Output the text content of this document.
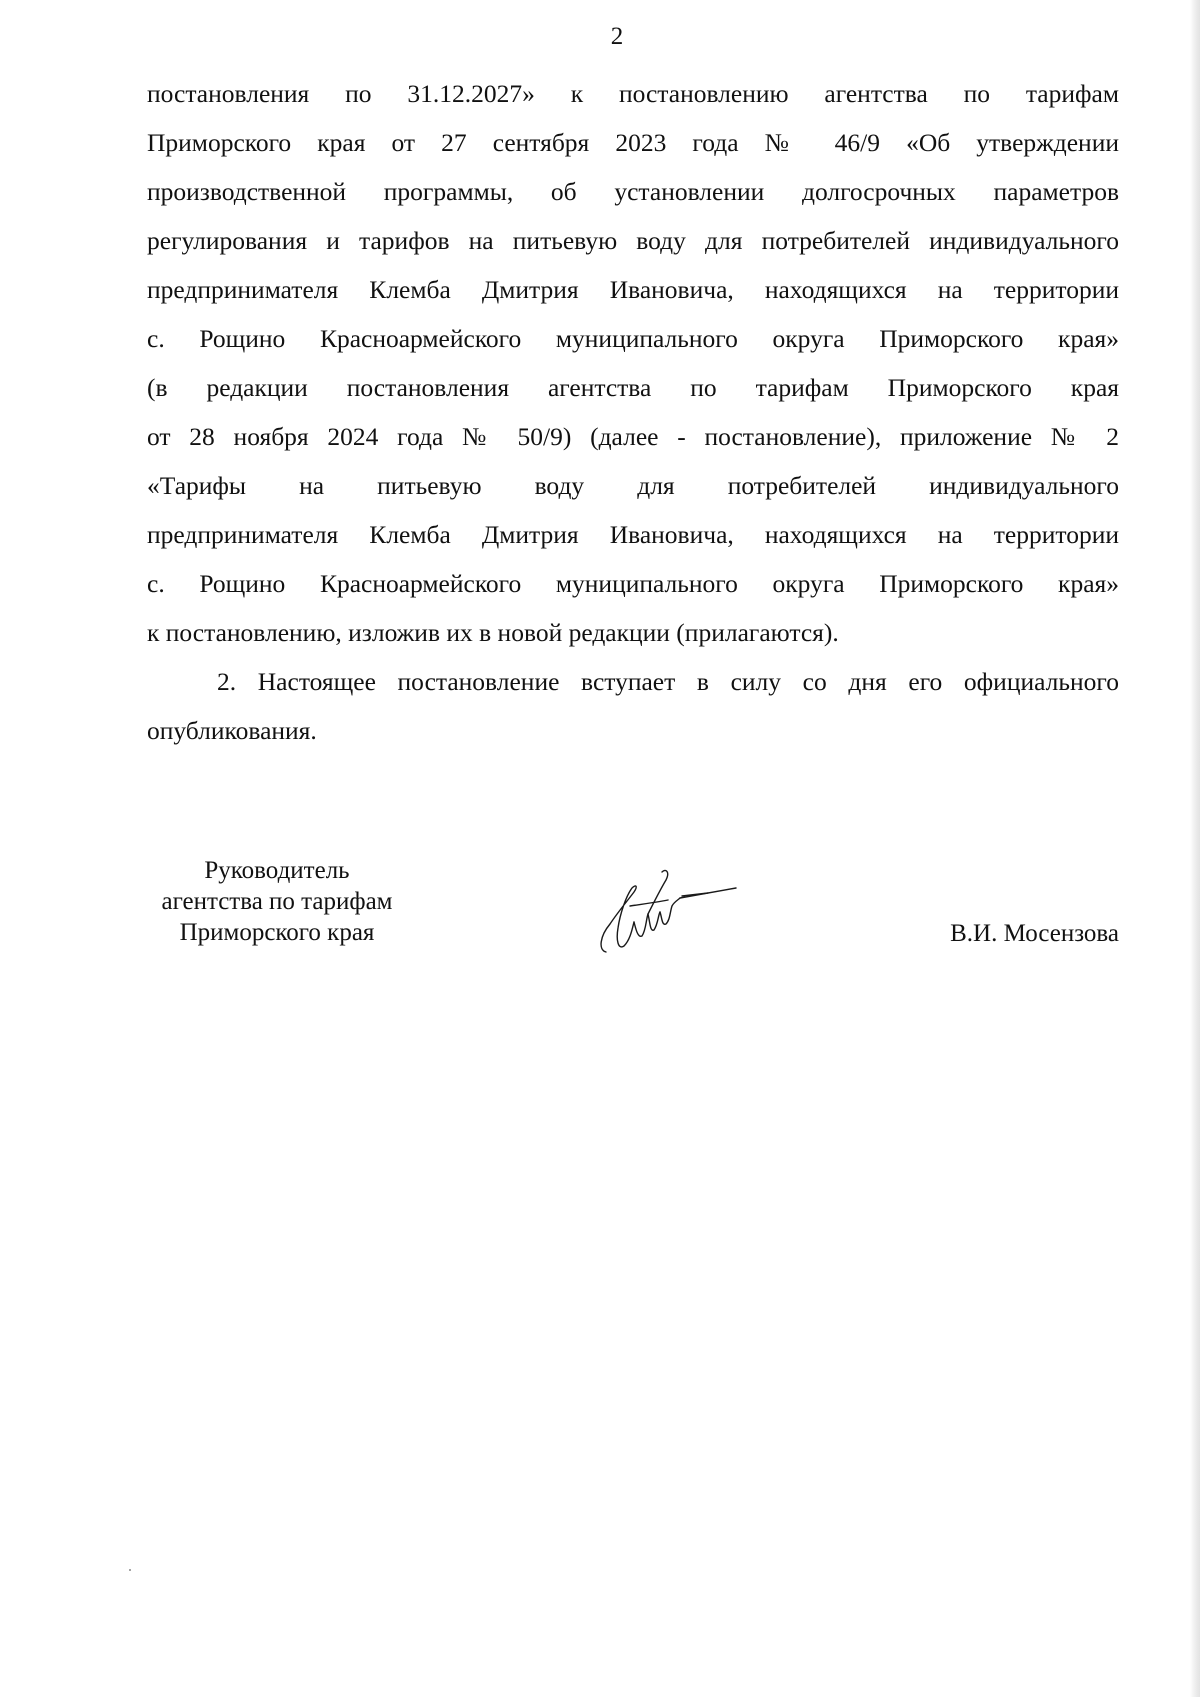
2
постановления по 31.12.2027» к постановлению агентства по тарифам
Приморского края от 27 сентября 2023 года № 46/9 «Об утверждении
производственной программы, об установлении долгосрочных параметров
регулирования и тарифов на питьевую воду для потребителей индивидуального
предпринимателя Клемба Дмитрия Ивановича, находящихся на территории
с. Рощино Красноармейского муниципального округа Приморского края»
(в редакции постановления агентства по тарифам Приморского края
от 28 ноября 2024 года № 50/9) (далее - постановление), приложение № 2
«Тарифы на питьевую воду для потребителей индивидуального
предпринимателя Клемба Дмитрия Ивановича, находящихся на территории
с. Рощино Красноармейского муниципального округа Приморского края»
к постановлению, изложив их в новой редакции (прилагаются).
2. Настоящее постановление вступает в силу со дня его официального
опубликования.
Руководитель
агентства по тарифам
Приморского края	В.И. Мосензова
